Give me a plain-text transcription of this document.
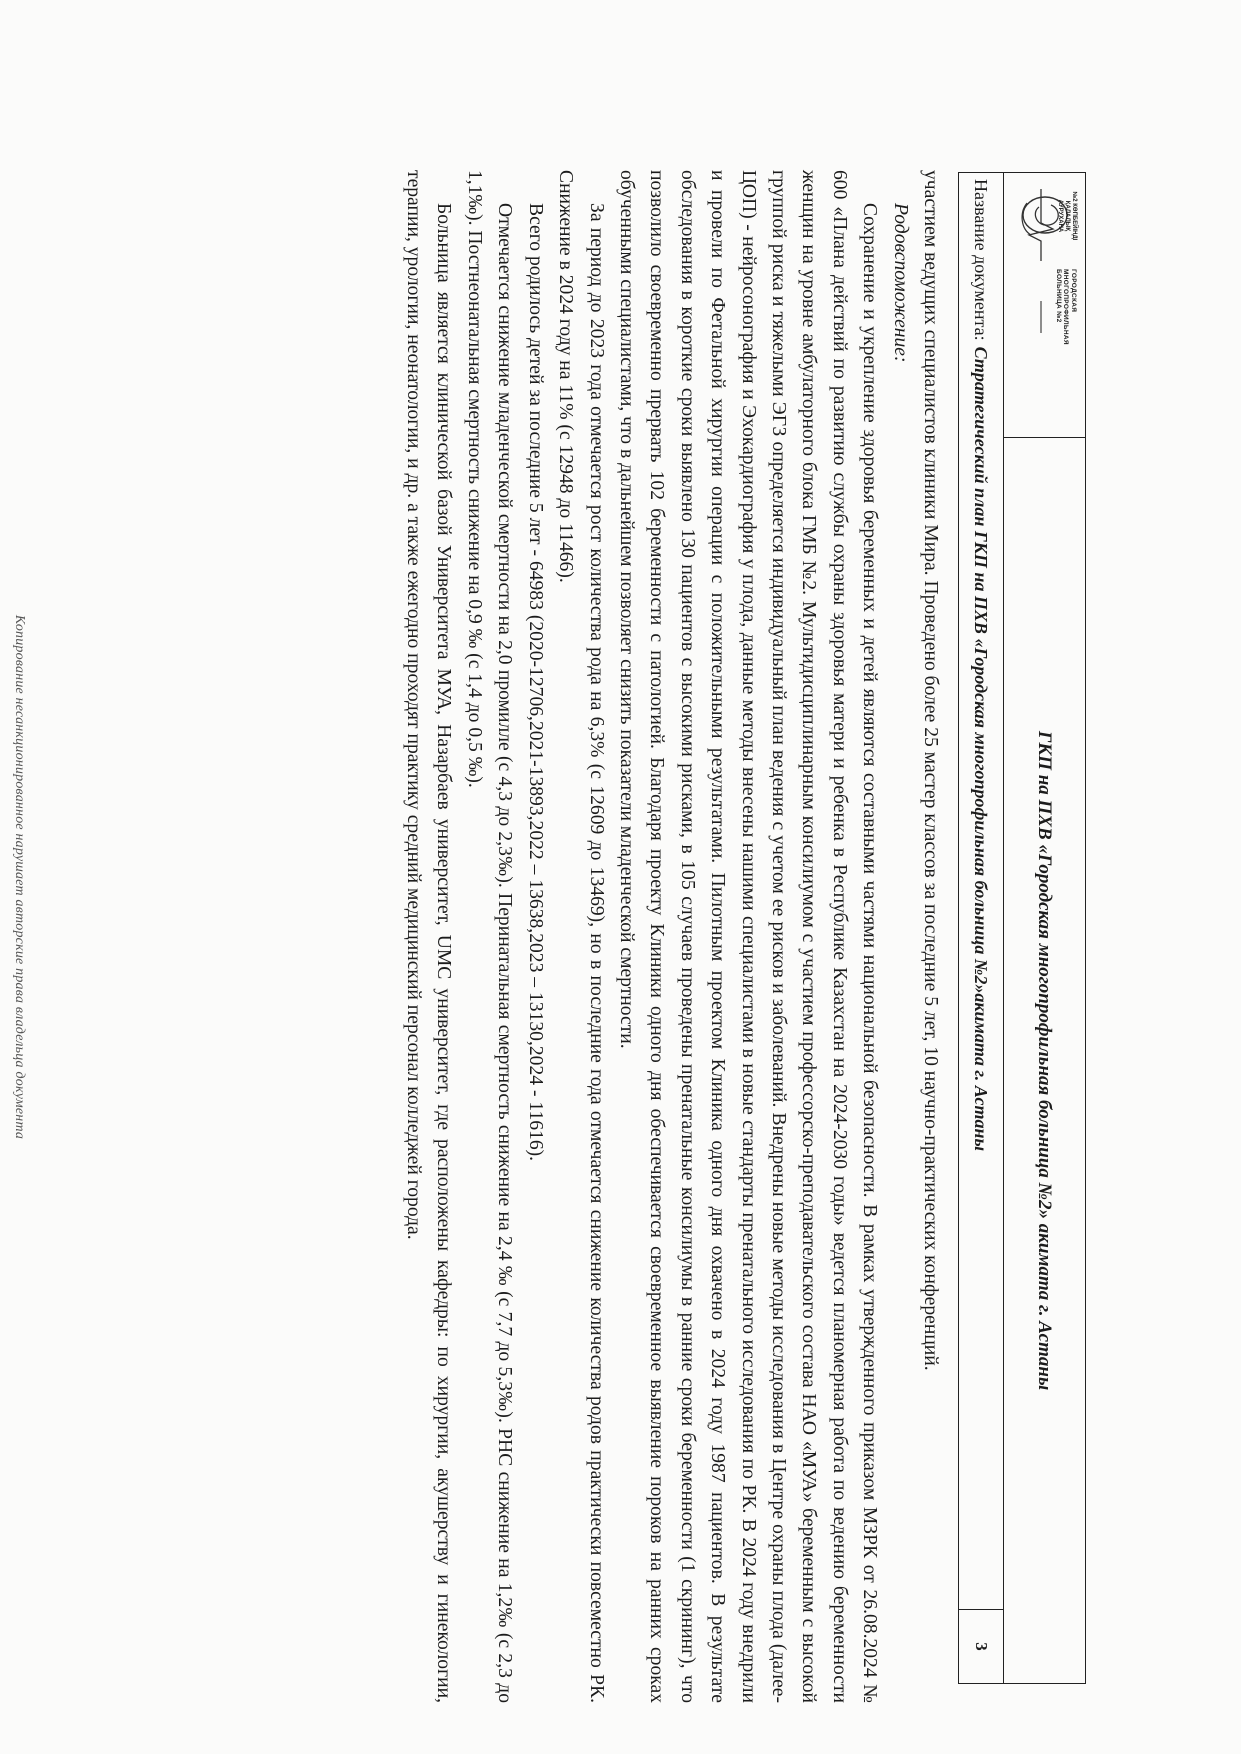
ГОРОДСКАЯ МНОГОПРОФИЛЬНАЯ БОЛЬНИЦА №2
№2 КӨПБЕЙІНДІ ҚАЛАЛЫҚ АУРУХАНА
ГКП на ПХВ «Городская многопрофильная больница №2» акимата г. Астаны
Название документа:
Стратегический план ГКП на ПХВ «Городская многопрофильная больница №2»акимата г. Астаны
3

участием ведущих специалистов клиники Мира. Проведено более 25 мастер классов за последние 5 лет, 10 научно-практических конференций.

Родовспоможение:

Сохранение и укрепление здоровья беременных и детей являются составными частями национальной безопасности. В рамках утвержденного приказом МЗРК от 26.08.2024 № 600 «Плана действий по развитию службы охраны здоровья матери и ребенка в Республике Казахстан на 2024-2030 годы» ведется планомерная работа по ведению беременности женщин на уровне амбулаторного блока ГМБ №2. Мультидисциплинарным консилиумом с участием профессорско-преподавательского состава НАО «МУА» беременным с высокой группой риска и тяжелыми ЭГЗ определяется индивидуальный план ведения с учетом ее рисков и заболеваний. Внедрены новые методы исследования в Центре охраны плода (далее-ЦОП) - нейросонография и Эхокардиография у плода, данные методы внесены нашими специалистами в новые стандарты пренатального исследования по РК. В 2024 году внедрили и провели по Фетальной хирургии операции с положительными результатами. Пилотным проектом Клиника одного дня охвачено в 2024 году 1987 пациентов. В результате обследования в короткие сроки выявлено 130 пациентов с высокими рисками, в 105 случаев проведены пренатальные консилиумы в ранние сроки беременности (1 скрининг), что позволило своевременно прервать 102 беременности с патологией. Благодаря проекту Клиники одного дня обеспечивается своевременное выявление пороков на ранних сроках обученными специалистами, что в дальнейшем позволяет снизить показатели младенческой смертности.

За период до 2023 года отмечается рост количества рода на 6,3% (с 12609 до 13469), но в последние года отмечается снижение количества родов практически повсеместно РК. Снижение в 2024 году на 11% (с 12948 до 11466).

Всего родилось детей за последние 5 лет - 64983 (2020-12706,2021-13893,2022 – 13638,2023 – 13130,2024 - 11616).

Отмечается снижение младенческой смертности на 2,0 промилле (с 4,3 до 2,3‰). Перинатальная смертность снижение на 2,4 ‰ (с 7,7 до 5,3‰). РНС снижение на 1,2‰ (с 2,3 до 1,1‰). Постнеонатальная смертность снижение на 0,9 ‰ (с 1,4 до 0,5 ‰).

Больница является клинической базой Университета МУА, Назарбаев университет, UMC университет, где расположены кафедры: по хирургии, акушерству и гинекологии, терапии, урологии, неонатологии, и др. а также ежегодно проходят практику средний медицинский персонал колледжей города.

Копирование несанкционированное нарушает авторские права владельца документа
